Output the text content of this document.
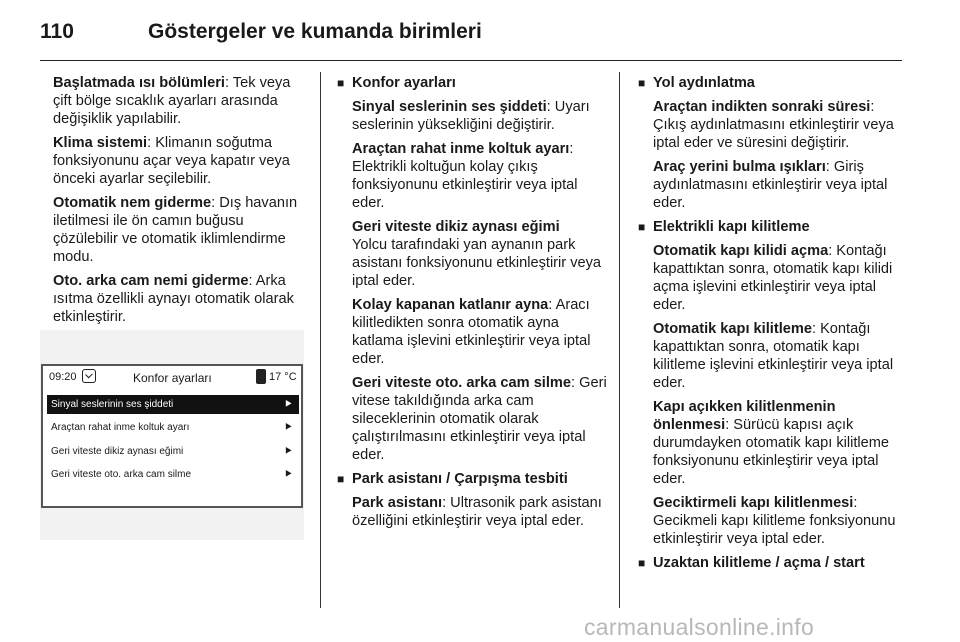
110	Göstergeler ve kumanda birimleri

Başlatmada ısı bölümleri: Tek veya çift bölge sıcaklık ayarları arasında değişiklik yapılabilir.

Klima sistemi: Klimanın soğutma fonksiyonunu açar veya kapatır veya önceki ayarlar seçilebilir.

Otomatik nem giderme: Dış havanın iletilmesi ile ön camın buğusu çözülebilir ve otomatik iklimlendirme modu.

Oto. arka cam nemi giderme: Arka ısıtma özellikli aynayı otomatik olarak etkinleştirir.

09:20	Konfor ayarları	17 °C
Sinyal seslerinin ses şiddeti	⯈
Araçtan rahat inme koltuk ayarı	⯈
Geri viteste dikiz aynası eğimi	⯈
Geri viteste oto. arka cam silme	⯈

■ Konfor ayarları

Sinyal seslerinin ses şiddeti: Uyarı seslerinin yüksekliğini değiştirir.

Araçtan rahat inme koltuk ayarı: Elektrikli koltuğun kolay çıkış fonksiyonunu etkinleştirir veya iptal eder.

Geri viteste dikiz aynası eğimi
Yolcu tarafındaki yan aynanın park asistanı fonksiyonunu etkinleştirir veya iptal eder.

Kolay kapanan katlanır ayna: Aracı kilitledikten sonra otomatik ayna katlama işlevini etkinleştirir veya iptal eder.

Geri viteste oto. arka cam silme: Geri vitese takıldığında arka cam sileceklerinin otomatik olarak çalıştırılmasını etkinleştirir veya iptal eder.

■ Park asistanı / Çarpışma tesbiti

Park asistanı: Ultrasonik park asistanı özelliğini etkinleştirir veya iptal eder.

■ Yol aydınlatma

Araçtan indikten sonraki süresi: Çıkış aydınlatmasını etkinleştirir veya iptal eder ve süresini değiştirir.

Araç yerini bulma ışıkları: Giriş aydınlatmasını etkinleştirir veya iptal eder.

■ Elektrikli kapı kilitleme

Otomatik kapı kilidi açma: Kontağı kapattıktan sonra, otomatik kapı kilidi açma işlevini etkinleştirir veya iptal eder.

Otomatik kapı kilitleme: Kontağı kapattıktan sonra, otomatik kapı kilitleme işlevini etkinleştirir veya iptal eder.

Kapı açıkken kilitlenmenin önlenmesi: Sürücü kapısı açık durumdayken otomatik kapı kilitleme fonksiyonunu etkinleştirir veya iptal eder.

Geciktirmeli kapı kilitlenmesi: Gecikmeli kapı kilitleme fonksiyonunu etkinleştirir veya iptal eder.

■ Uzaktan kilitleme / açma / start

carmanualsonline.info
